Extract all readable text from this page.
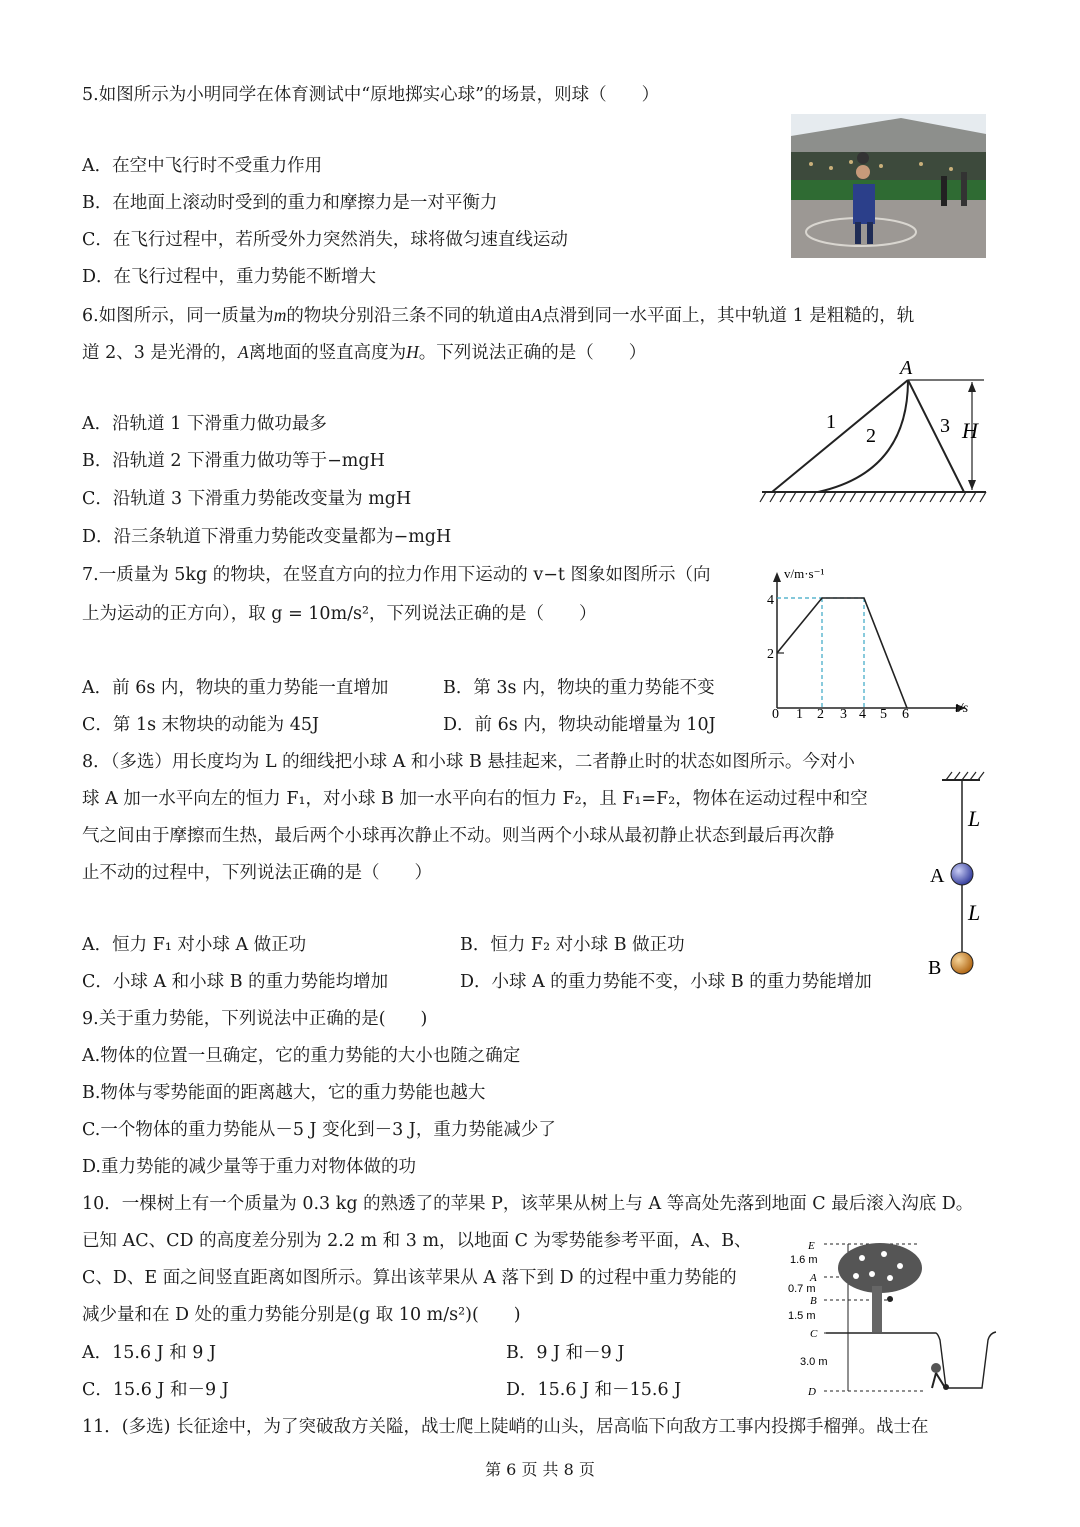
5.如图所示为小明同学在体育测试中“原地掷实心球”的场景，则球（　　）
A．在空中飞行时不受重力作用
B．在地面上滚动时受到的重力和摩擦力是一对平衡力
C．在飞行过程中，若所受外力突然消失，球将做匀速直线运动
D．在飞行过程中，重力势能不断增大
6.如图所示，同一质量为m的物块分别沿三条不同的轨道由A点滑到同一水平面上，其中轨道 1 是粗糙的，轨
道 2、3 是光滑的，A离地面的竖直高度为H。下列说法正确的是（　　）
A
1
2	3 H
A．沿轨道 1 下滑重力做功最多
B．沿轨道 2 下滑重力做功等于−mgH
C．沿轨道 3 下滑重力势能改变量为 mgH
D．沿三条轨道下滑重力势能改变量都为−mgH
7.一质量为 5kg 的物块，在竖直方向的拉力作用下运动的 v−t 图象如图所示（向
上为运动的正方向），取 g = 10m/s²，下列说法正确的是（　　）
v/m·s⁻¹
t/s
4
2
0 1 2 3 4 5 6
A．前 6s 内，物块的重力势能一直增加	B．第 3s 内，物块的重力势能不变
C．第 1s 末物块的动能为 45J	D．前 6s 内，物块动能增量为 10J
8．（多选）用长度均为 L 的细线把小球 A 和小球 B 悬挂起来，二者静止时的状态如图所示。今对小
球 A 加一水平向左的恒力 F₁，对小球 B 加一水平向右的恒力 F₂，且 F₁=F₂，物体在运动过程中和空
气之间由于摩擦而生热，最后两个小球再次静止不动。则当两个小球从最初静止状态到最后再次静
止不动的过程中，下列说法正确的是（　　）
L
L
A
B
A．恒力 F₁ 对小球 A 做正功	B．恒力 F₂ 对小球 B 做正功
C．小球 A 和小球 B 的重力势能均增加	D．小球 A 的重力势能不变，小球 B 的重力势能增加
9.关于重力势能，下列说法中正确的是(　　)
A.物体的位置一旦确定，它的重力势能的大小也随之确定
B.物体与零势能面的距离越大，它的重力势能也越大
C.一个物体的重力势能从－5 J 变化到－3 J，重力势能减少了
D.重力势能的减少量等于重力对物体做的功
10．一棵树上有一个质量为 0.3 kg 的熟透了的苹果 P，该苹果从树上与 A 等高处先落到地面 C 最后滚入沟底 D。
已知 AC、CD 的高度差分别为 2.2 m 和 3 m，以地面 C 为零势能参考平面，A、B、
C、D、E 面之间竖直距离如图所示。算出该苹果从 A 落下到 D 的过程中重力势能的
减少量和在 D 处的重力势能分别是(g 取 10 m/s²)(　　)
E
A
B
C
D
1.6 m
0.7 m
1.5 m
3.0 m
A．15.6 J 和 9 J	B．9 J 和－9 J
C．15.6 J 和－9 J	D．15.6 J 和－15.6 J
11．(多选) 长征途中，为了突破敌方关隘，战士爬上陡峭的山头，居高临下向敌方工事内投掷手榴弹。战士在
第 6 页 共 8 页
